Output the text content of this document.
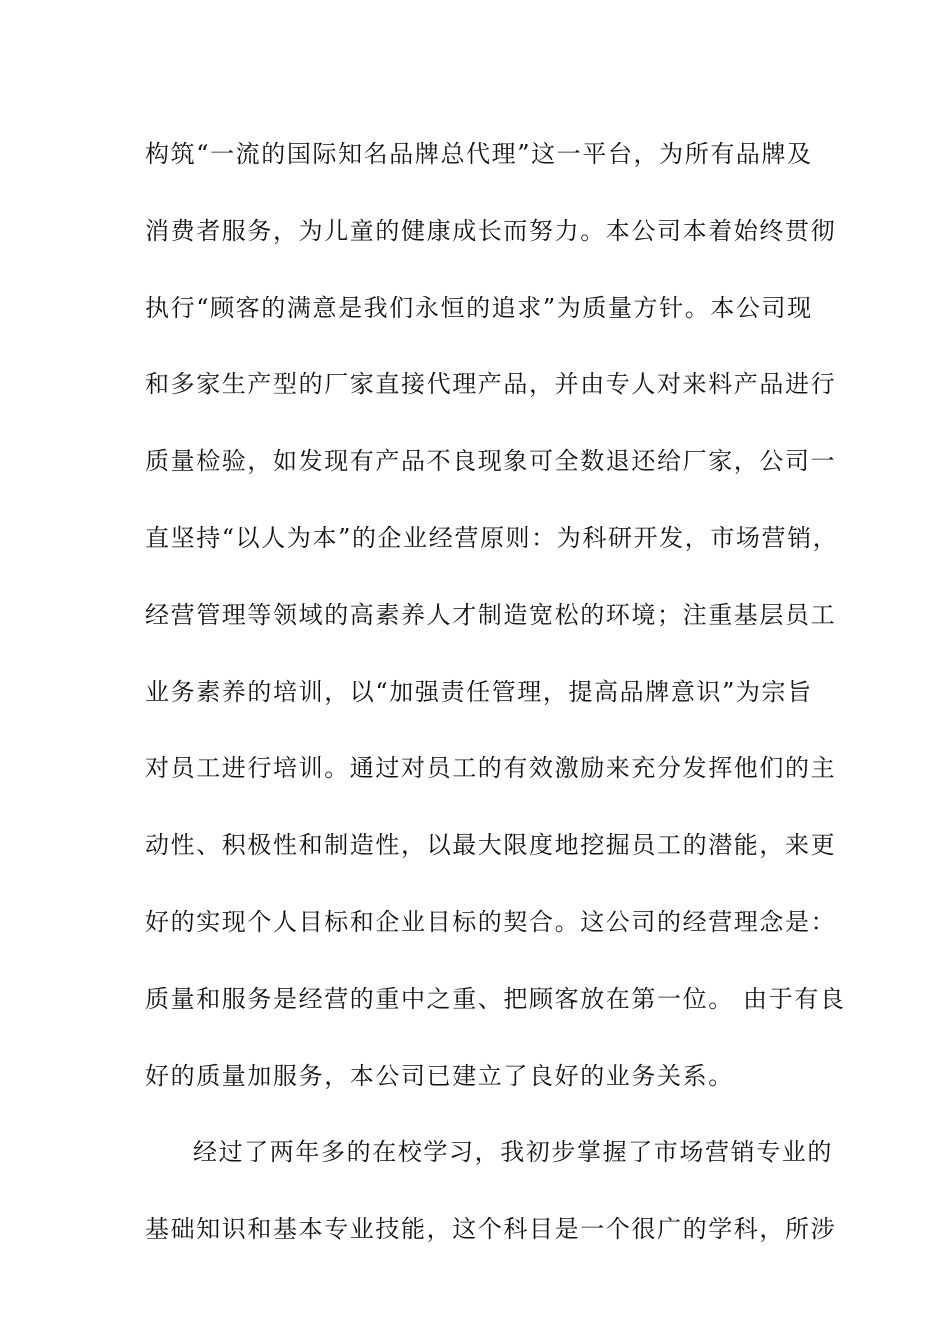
构筑“一流的国际知名品牌总代理”这一平台，为所有品牌及
消费者服务，为儿童的健康成长而努力。本公司本着始终贯彻
执行“顾客的满意是我们永恒的追求”为质量方针。本公司现
和多家生产型的厂家直接代理产品，并由专人对来料产品进行
质量检验，如发现有产品不良现象可全数退还给厂家，公司一
直坚持“以人为本”的企业经营原则：为科研开发，市场营销，
经营管理等领域的高素养人才制造宽松的环境；注重基层员工
业务素养的培训，以“加强责任管理，提高品牌意识”为宗旨
对员工进行培训。通过对员工的有效激励来充分发挥他们的主
动性、积极性和制造性，以最大限度地挖掘员工的潜能，来更
好的实现个人目标和企业目标的契合。这公司的经营理念是：
质量和服务是经营的重中之重、把顾客放在第一位。 由于有良
好的质量加服务，本公司已建立了良好的业务关系。
经过了两年多的在校学习，我初步掌握了市场营销专业的
基础知识和基本专业技能，这个科目是一个很广的学科，所涉
